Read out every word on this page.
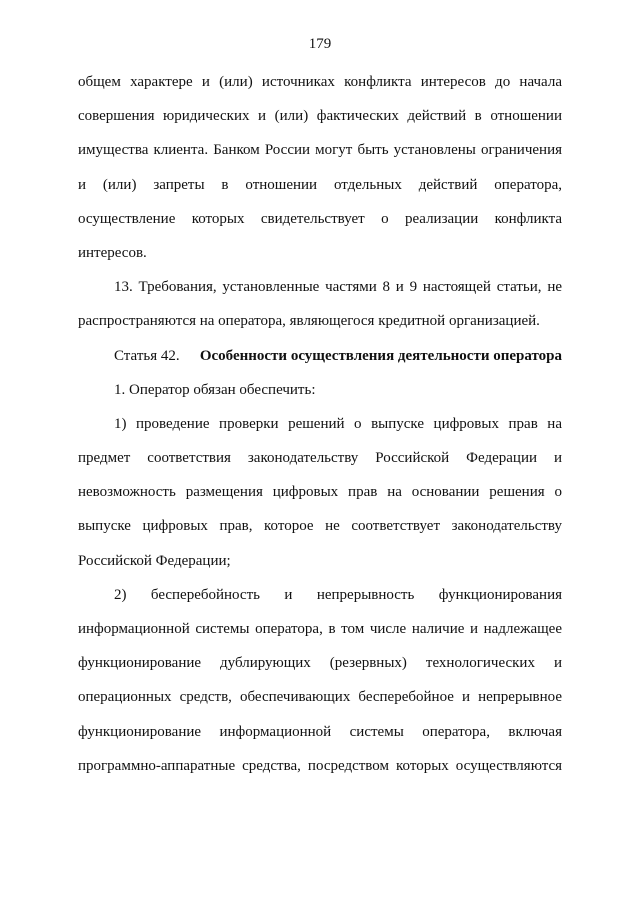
179
общем характере и (или) источниках конфликта интересов до начала
совершения юридических и (или) фактических действий в отношении
имущества клиента. Банком России могут быть установлены ограничения
и (или) запреты в отношении отдельных действий оператора,
осуществление которых свидетельствует о реализации конфликта
интересов.
13. Требования, установленные частями 8 и 9 настоящей статьи, не
распространяются на оператора, являющегося кредитной организацией.
Статья 42. Особенности осуществления деятельности оператора
1. Оператор обязан обеспечить:
1) проведение проверки решений о выпуске цифровых прав на
предмет соответствия законодательству Российской Федерации и
невозможность размещения цифровых прав на основании решения о
выпуске цифровых прав, которое не соответствует законодательству
Российской Федерации;
2) бесперебойность и непрерывность функционирования
информационной системы оператора, в том числе наличие и надлежащее
функционирование дублирующих (резервных) технологических и
операционных средств, обеспечивающих бесперебойное и непрерывное
функционирование информационной системы оператора, включая
программно-аппаратные средства, посредством которых осуществляются
